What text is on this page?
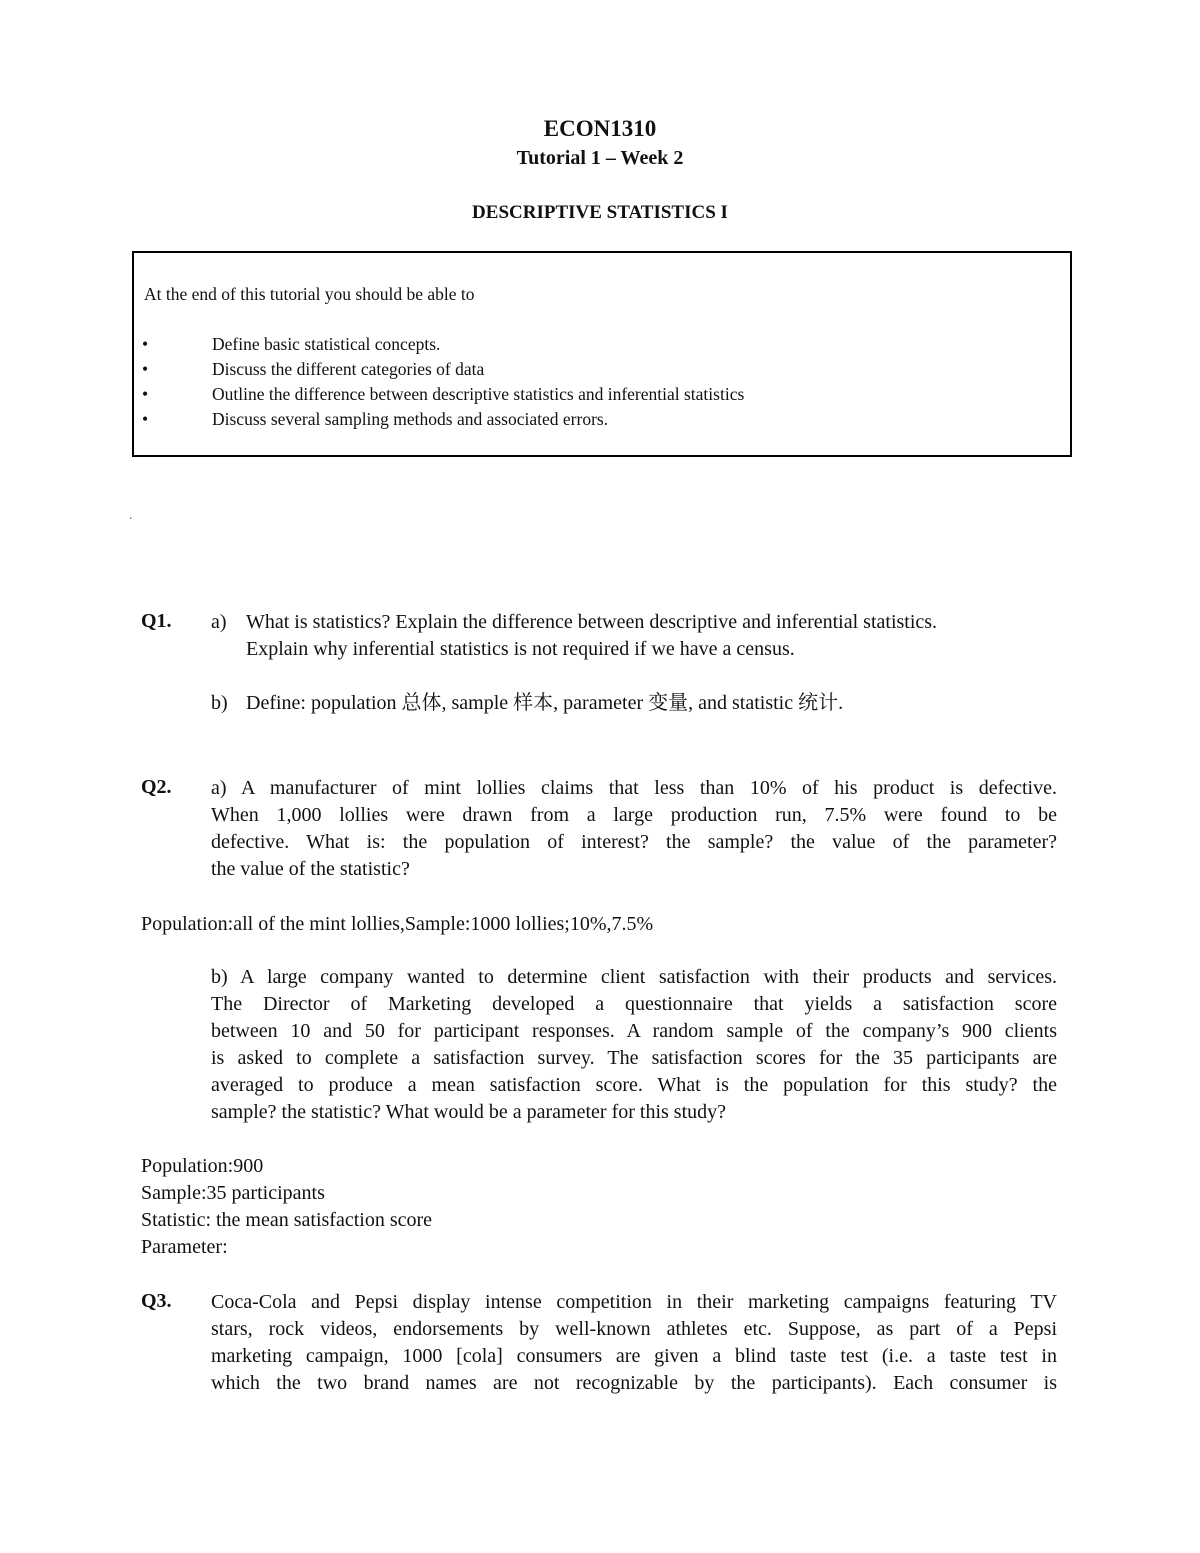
ECON1310
Tutorial 1 – Week 2
DESCRIPTIVE STATISTICS I
At the end of this tutorial you should be able to
•	Define basic statistical concepts.
•	Discuss the different categories of data
•	Outline the difference between descriptive statistics and inferential statistics
•	Discuss several sampling methods and associated errors.
.
Q1. a) What is statistics? Explain the difference between descriptive and inferential statistics.
Explain why inferential statistics is not required if we have a census.
b) Define: population 总体, sample 样本, parameter 变量, and statistic 统计.
Q2. a) A manufacturer of mint lollies claims that less than 10% of his product is defective.
When 1,000 lollies were drawn from a large production run, 7.5% were found to be
defective. What is: the population of interest? the sample? the value of the parameter?
the value of the statistic?
Population:all of the mint lollies,Sample:1000 lollies;10%,7.5%
b) A large company wanted to determine client satisfaction with their products and services.
The Director of Marketing developed a questionnaire that yields a satisfaction score
between 10 and 50 for participant responses. A random sample of the company’s 900 clients
is asked to complete a satisfaction survey. The satisfaction scores for the 35 participants are
averaged to produce a mean satisfaction score. What is the population for this study? the
sample? the statistic? What would be a parameter for this study?
Population:900
Sample:35 participants
Statistic: the mean satisfaction score
Parameter:
Q3. Coca-Cola and Pepsi display intense competition in their marketing campaigns featuring TV
stars, rock videos, endorsements by well-known athletes etc. Suppose, as part of a Pepsi
marketing campaign, 1000 [cola] consumers are given a blind taste test (i.e. a taste test in
which the two brand names are not recognizable by the participants). Each consumer is
